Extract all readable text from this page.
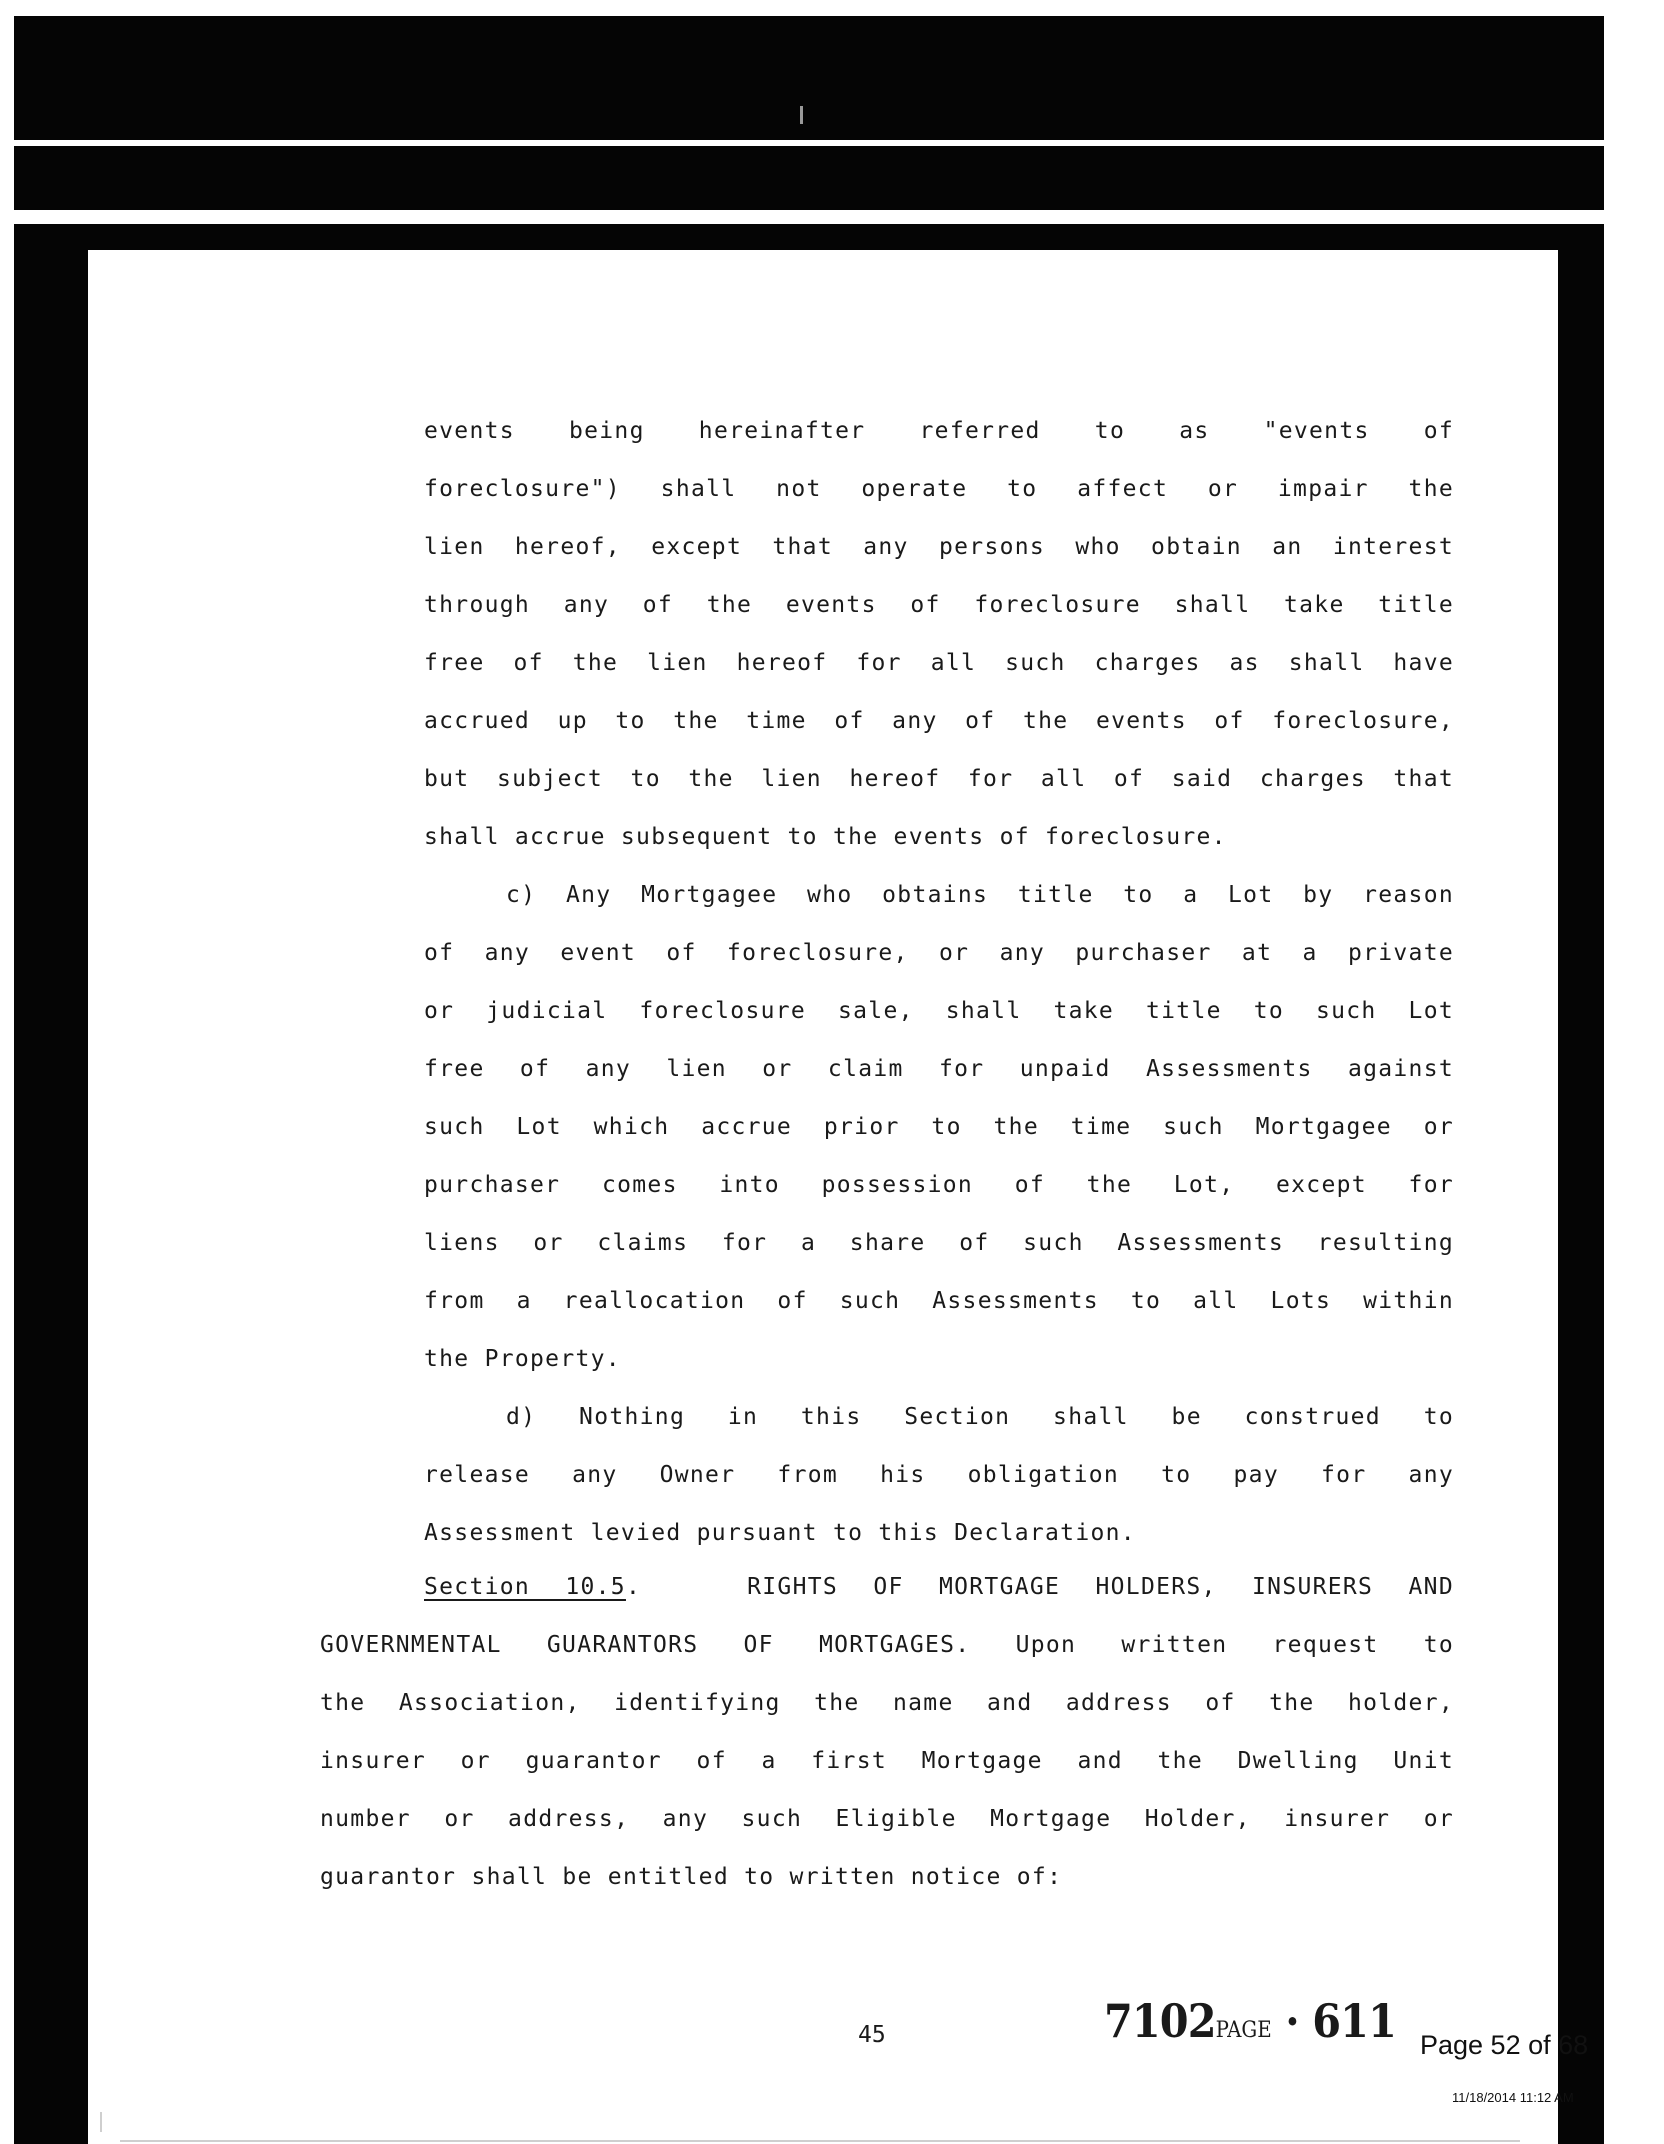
events being hereinafter referred to as "events of
foreclosure") shall not operate to affect or impair the
lien hereof, except that any persons who obtain an interest
through any of the events of foreclosure shall take title
free of the lien hereof for all such charges as shall have
accrued up to the time of any of the events of foreclosure,
but subject to the lien hereof for all of said charges that
shall accrue subsequent to the events of foreclosure.
c) Any Mortgagee who obtains title to a Lot by reason
of any event of foreclosure, or any purchaser at a private
or judicial foreclosure sale, shall take title to such Lot
free of any lien or claim for unpaid Assessments against
such Lot which accrue prior to the time such Mortgagee or
purchaser comes into possession of the Lot, except for
liens or claims for a share of such Assessments resulting
from a reallocation of such Assessments to all Lots within
the Property.
d) Nothing in this Section shall be construed to
release any Owner from his obligation to pay for any
Assessment levied pursuant to this Declaration.
Section 10.5.	RIGHTS OF MORTGAGE HOLDERS, INSURERS AND
GOVERNMENTAL GUARANTORS OF MORTGAGES. Upon written request to
the Association, identifying the name and address of the holder,
insurer or guarantor of a first Mortgage and the Dwelling Unit
number or address, any such Eligible Mortgage Holder, insurer or
guarantor shall be entitled to written notice of:
45	7102PAGE · 611 Page 52 of 68
11/18/2014 11:12 AM
